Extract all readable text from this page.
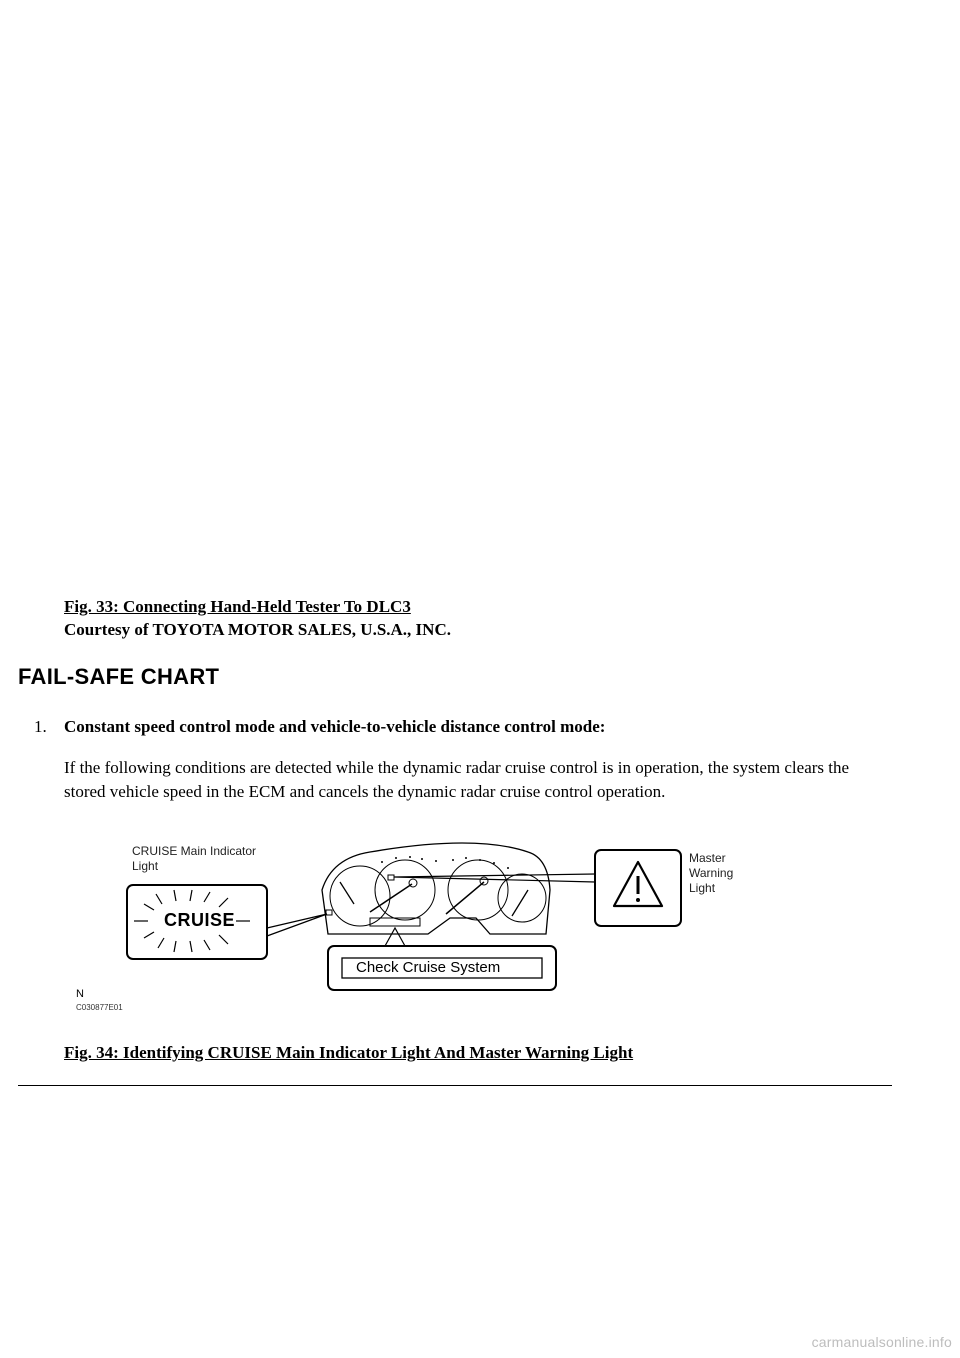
Fig. 33: Connecting Hand-Held Tester To DLC3
Courtesy of TOYOTA MOTOR SALES, U.S.A., INC.
FAIL-SAFE CHART
1. Constant speed control mode and vehicle-to-vehicle distance control mode:
If the following conditions are detected while the dynamic radar cruise control is in operation, the system clears the stored vehicle speed in the ECM and cancels the dynamic radar cruise control operation.
CRUISE Main Indicator
Light
CRUISE
Master
Warning
Light
Check Cruise System
N
C030877E01
Fig. 34: Identifying CRUISE Main Indicator Light And Master Warning Light
carmanualsonline.info
